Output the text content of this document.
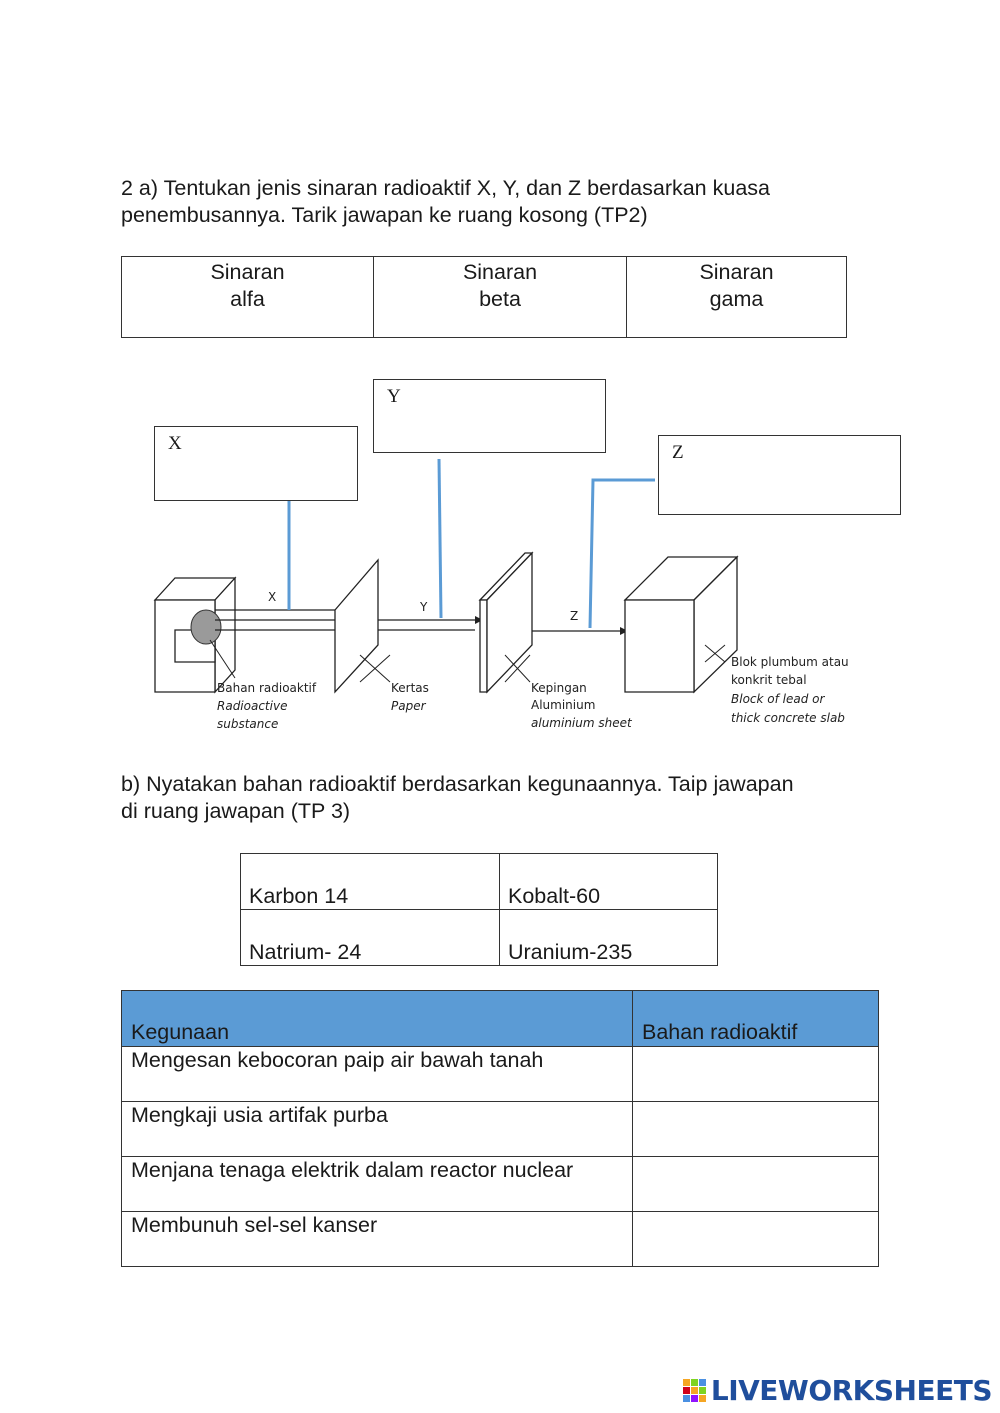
2 a) Tentukan jenis sinaran radioaktif X, Y, dan Z berdasarkan kuasa
penembusannya. Tarik jawapan ke ruang kosong (TP2)

Sinaran
alfa

Sinaran
beta

Sinaran
gama
X
Y
Z
Bahan radioaktif
Radioactive
substance
Kertas
Paper
Kepingan
Aluminium
aluminium sheet
Blok plumbum atau
konkrit tebal
Block of lead or
thick concrete slab
X
Y
Z

b) Nyatakan bahan radioaktif berdasarkan kegunaannya. Taip jawapan
di ruang jawapan (TP 3)

Karbon 14	Kobalt-60
Natrium- 24	Uranium-235
Kegunaan	Bahan radioaktif
Mengesan kebocoran paip air bawah tanah	
Mengkaji usia artifak purba	
Menjana tenaga elektrik dalam reactor nuclear	
Membunuh sel-sel kanser	
LIVEWORKSHEETS
